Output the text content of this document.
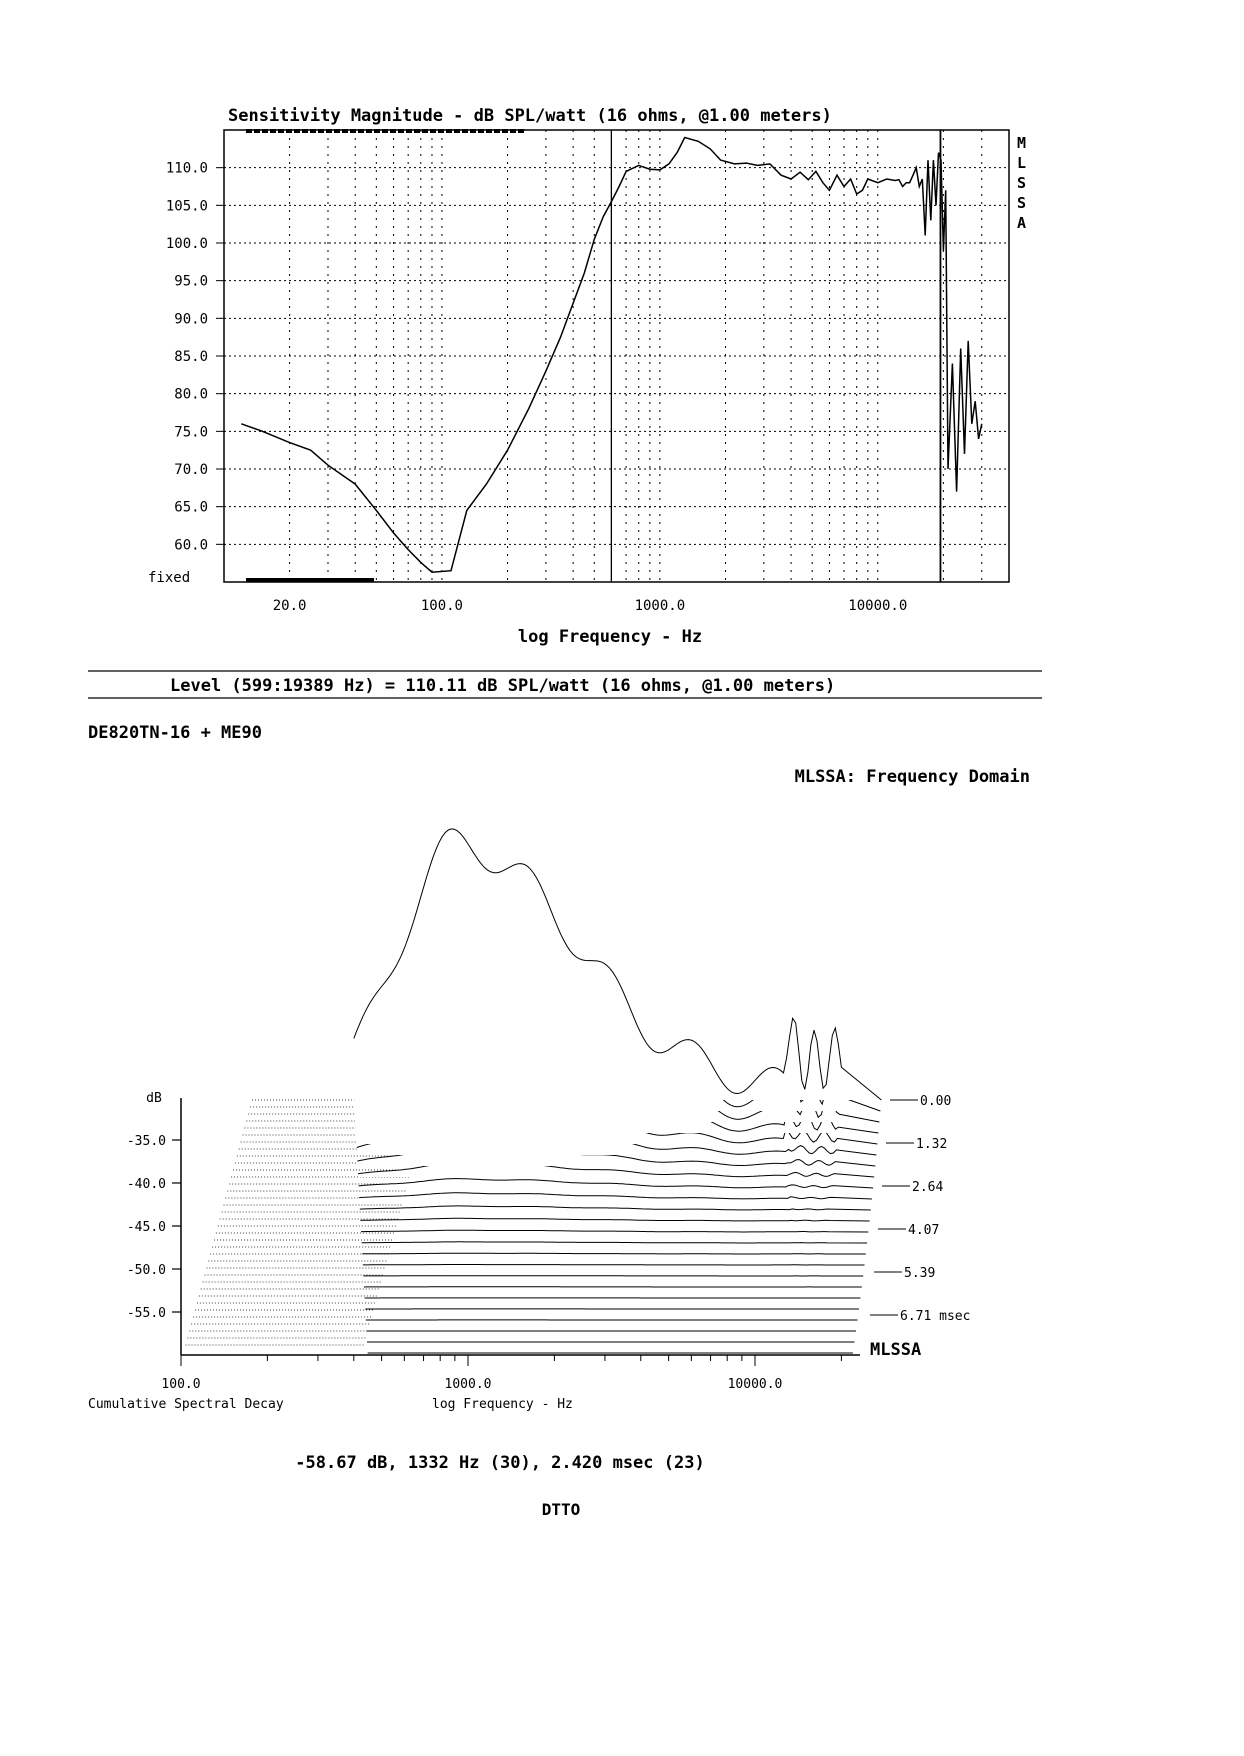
Sensitivity Magnitude - dB SPL/watt (16 ohms, @1.00 meters)
110.0
105.0
100.0
95.0
90.0
85.0
80.0
75.0
70.0
65.0
60.0
20.0	100.0	1000.0	10000.0
fixed
log Frequency - Hz
M
L
S
S
A
Level (599:19389 Hz) = 110.11 dB SPL/watt (16 ohms, @1.00 meters)
DE820TN-16 + ME90
MLSSA: Frequency Domain
dB
-35.0
-40.0
-45.0
-50.0
-55.0
100.0	1000.0	10000.0
0.00
1.32
2.64
4.07
5.39
6.71 msec
MLSSA
Cumulative Spectral Decay	log Frequency - Hz
-58.67 dB, 1332 Hz (30), 2.420 msec (23)
DTTO
